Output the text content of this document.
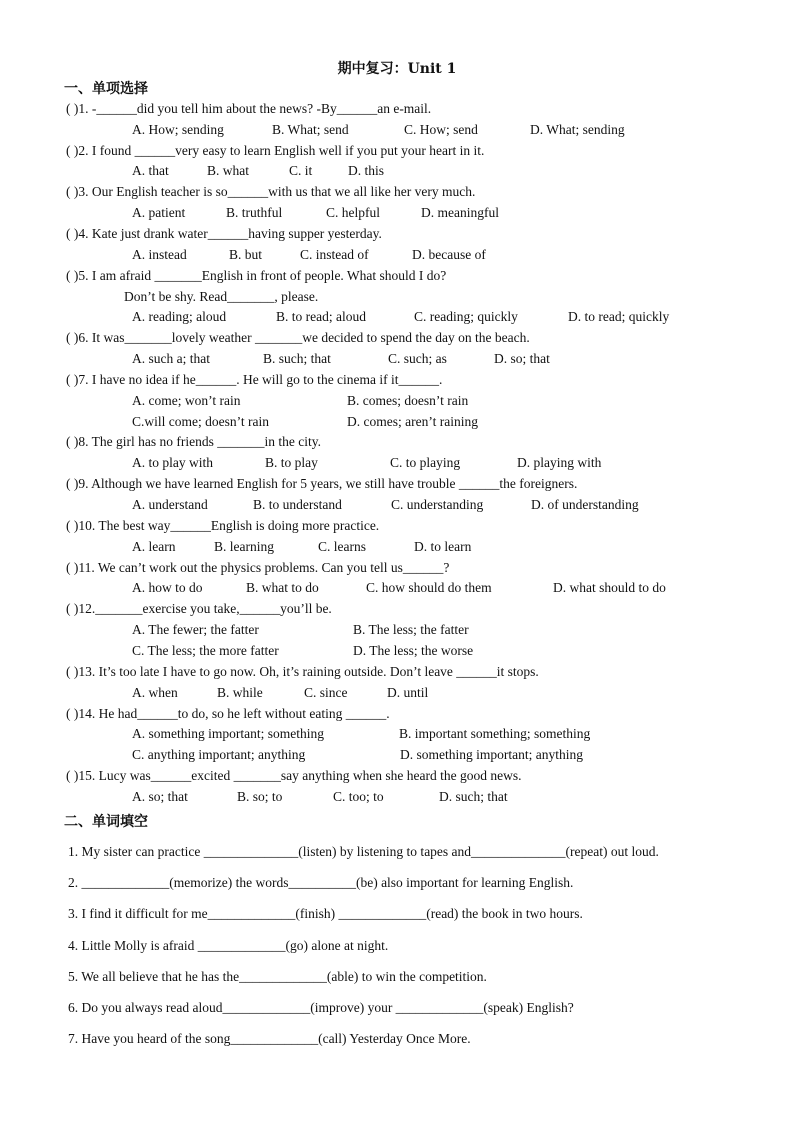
期中复习：Unit 1
一、单项选择
( )1. -______did you tell him about the news? -By______an e-mail.
A. How; sending	B. What; send	C. How; send	D. What; sending
( )2. I found ______very easy to learn English well if you put your heart in it.
A. that	B. what	C. it	D. this
( )3. Our English teacher is so______with us that we all like her very much.
A. patient	B. truthful	C. helpful	D. meaningful
( )4. Kate just drank water______having supper yesterday.
A. instead	B. but	C. instead of	D. because of
( )5. I am afraid _______English in front of people. What should I do?
Don’t be shy. Read_______, please.
A. reading; aloud	B. to read; aloud	C. reading; quickly	D. to read; quickly
( )6. It was_______lovely weather _______we decided to spend the day on the beach.
A. such a; that	B. such; that	C. such; as	D. so; that
( )7. I have no idea if he______. He will go to the cinema if it______.
A. come; won’t rain	B. comes; doesn’t rain
C.will come; doesn’t rain	D. comes; aren’t raining
( )8. The girl has no friends _______in the city.
A. to play with	B. to play	C. to playing	D. playing with
( )9. Although we have learned English for 5 years, we still have trouble ______the foreigners.
A. understand	B. to understand	C. understanding	D. of understanding
( )10. The best way______English is doing more practice.
A. learn	B. learning	C. learns	D. to learn
( )11. We can’t work out the physics problems. Can you tell us______?
A. how to do	B. what to do	C. how should do them	D. what should to do
( )12._______exercise you take,______you’ll be.
A. The fewer; the fatter	B. The less; the fatter
C. The less; the more fatter	D. The less; the worse
( )13. It’s too late I have to go now. Oh, it’s raining outside. Don’t leave ______it stops.
A. when	B. while	C. since	D. until
( )14. He had______to do, so he left without eating ______.
A. something important; something	B. important something; something
C. anything important; anything	D. something important; anything
( )15. Lucy was______excited _______say anything when she heard the good news.
A. so; that	B. so; to	C. too; to	D. such; that
二、单词填空
1. My sister can practice ______________(listen) by listening to tapes and______________(repeat) out loud.
2. _____________(memorize) the words__________(be) also important for learning English.
3. I find it difficult for me_____________(finish) _____________(read) the book in two hours.
4. Little Molly is afraid _____________(go) alone at night.
5. We all believe that he has the_____________(able) to win the competition.
6. Do you always read aloud_____________(improve) your _____________(speak) English?
7. Have you heard of the song_____________(call) Yesterday Once More.
